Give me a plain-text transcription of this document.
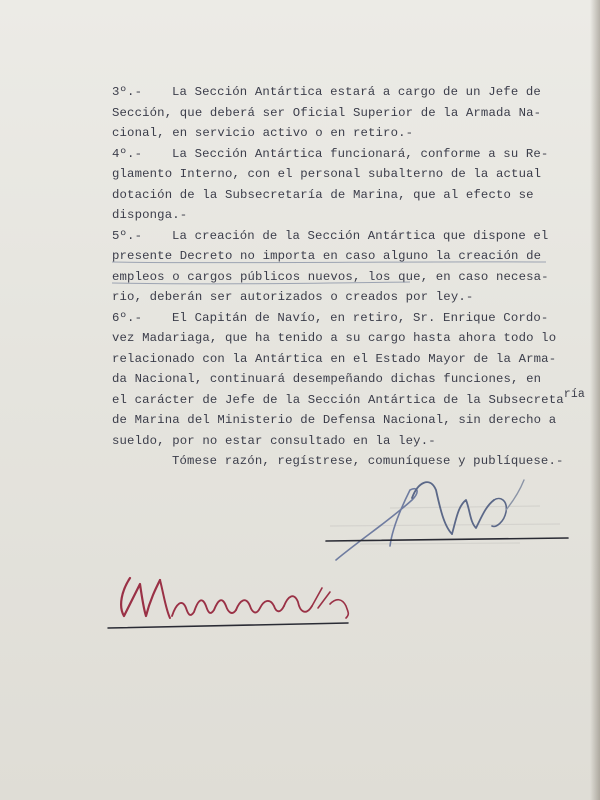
3º.- La Sección Antártica estará a cargo de un Jefe de
Sección, que deberá ser Oficial Superior de la Armada Na-
cional, en servicio activo o en retiro.-
4º.- La Sección Antártica funcionará, conforme a su Re-
glamento Interno, con el personal subalterno de la actual
dotación de la Subsecretaría de Marina, que al efecto se
disponga.-
5º.- La creación de la Sección Antártica que dispone el
presente Decreto no importa en caso alguno la creación de
empleos o cargos públicos nuevos, los que, en caso necesa-
rio, deberán ser autorizados o creados por ley.-
6º.- El Capitán de Navío, en retiro, Sr. Enrique Cordo-
vez Madariaga, que ha tenido a su cargo hasta ahora todo lo
relacionado con la Antártica en el Estado Mayor de la Arma-
da Nacional, continuará desempeñando dichas funciones, en
el carácter de Jefe de la Sección Antártica de la Subsecretaría
de Marina del Ministerio de Defensa Nacional, sin derecho a
sueldo, por no estar consultado en la ley.-
Tómese razón, regístrese, comuníquese y publíquese.-
